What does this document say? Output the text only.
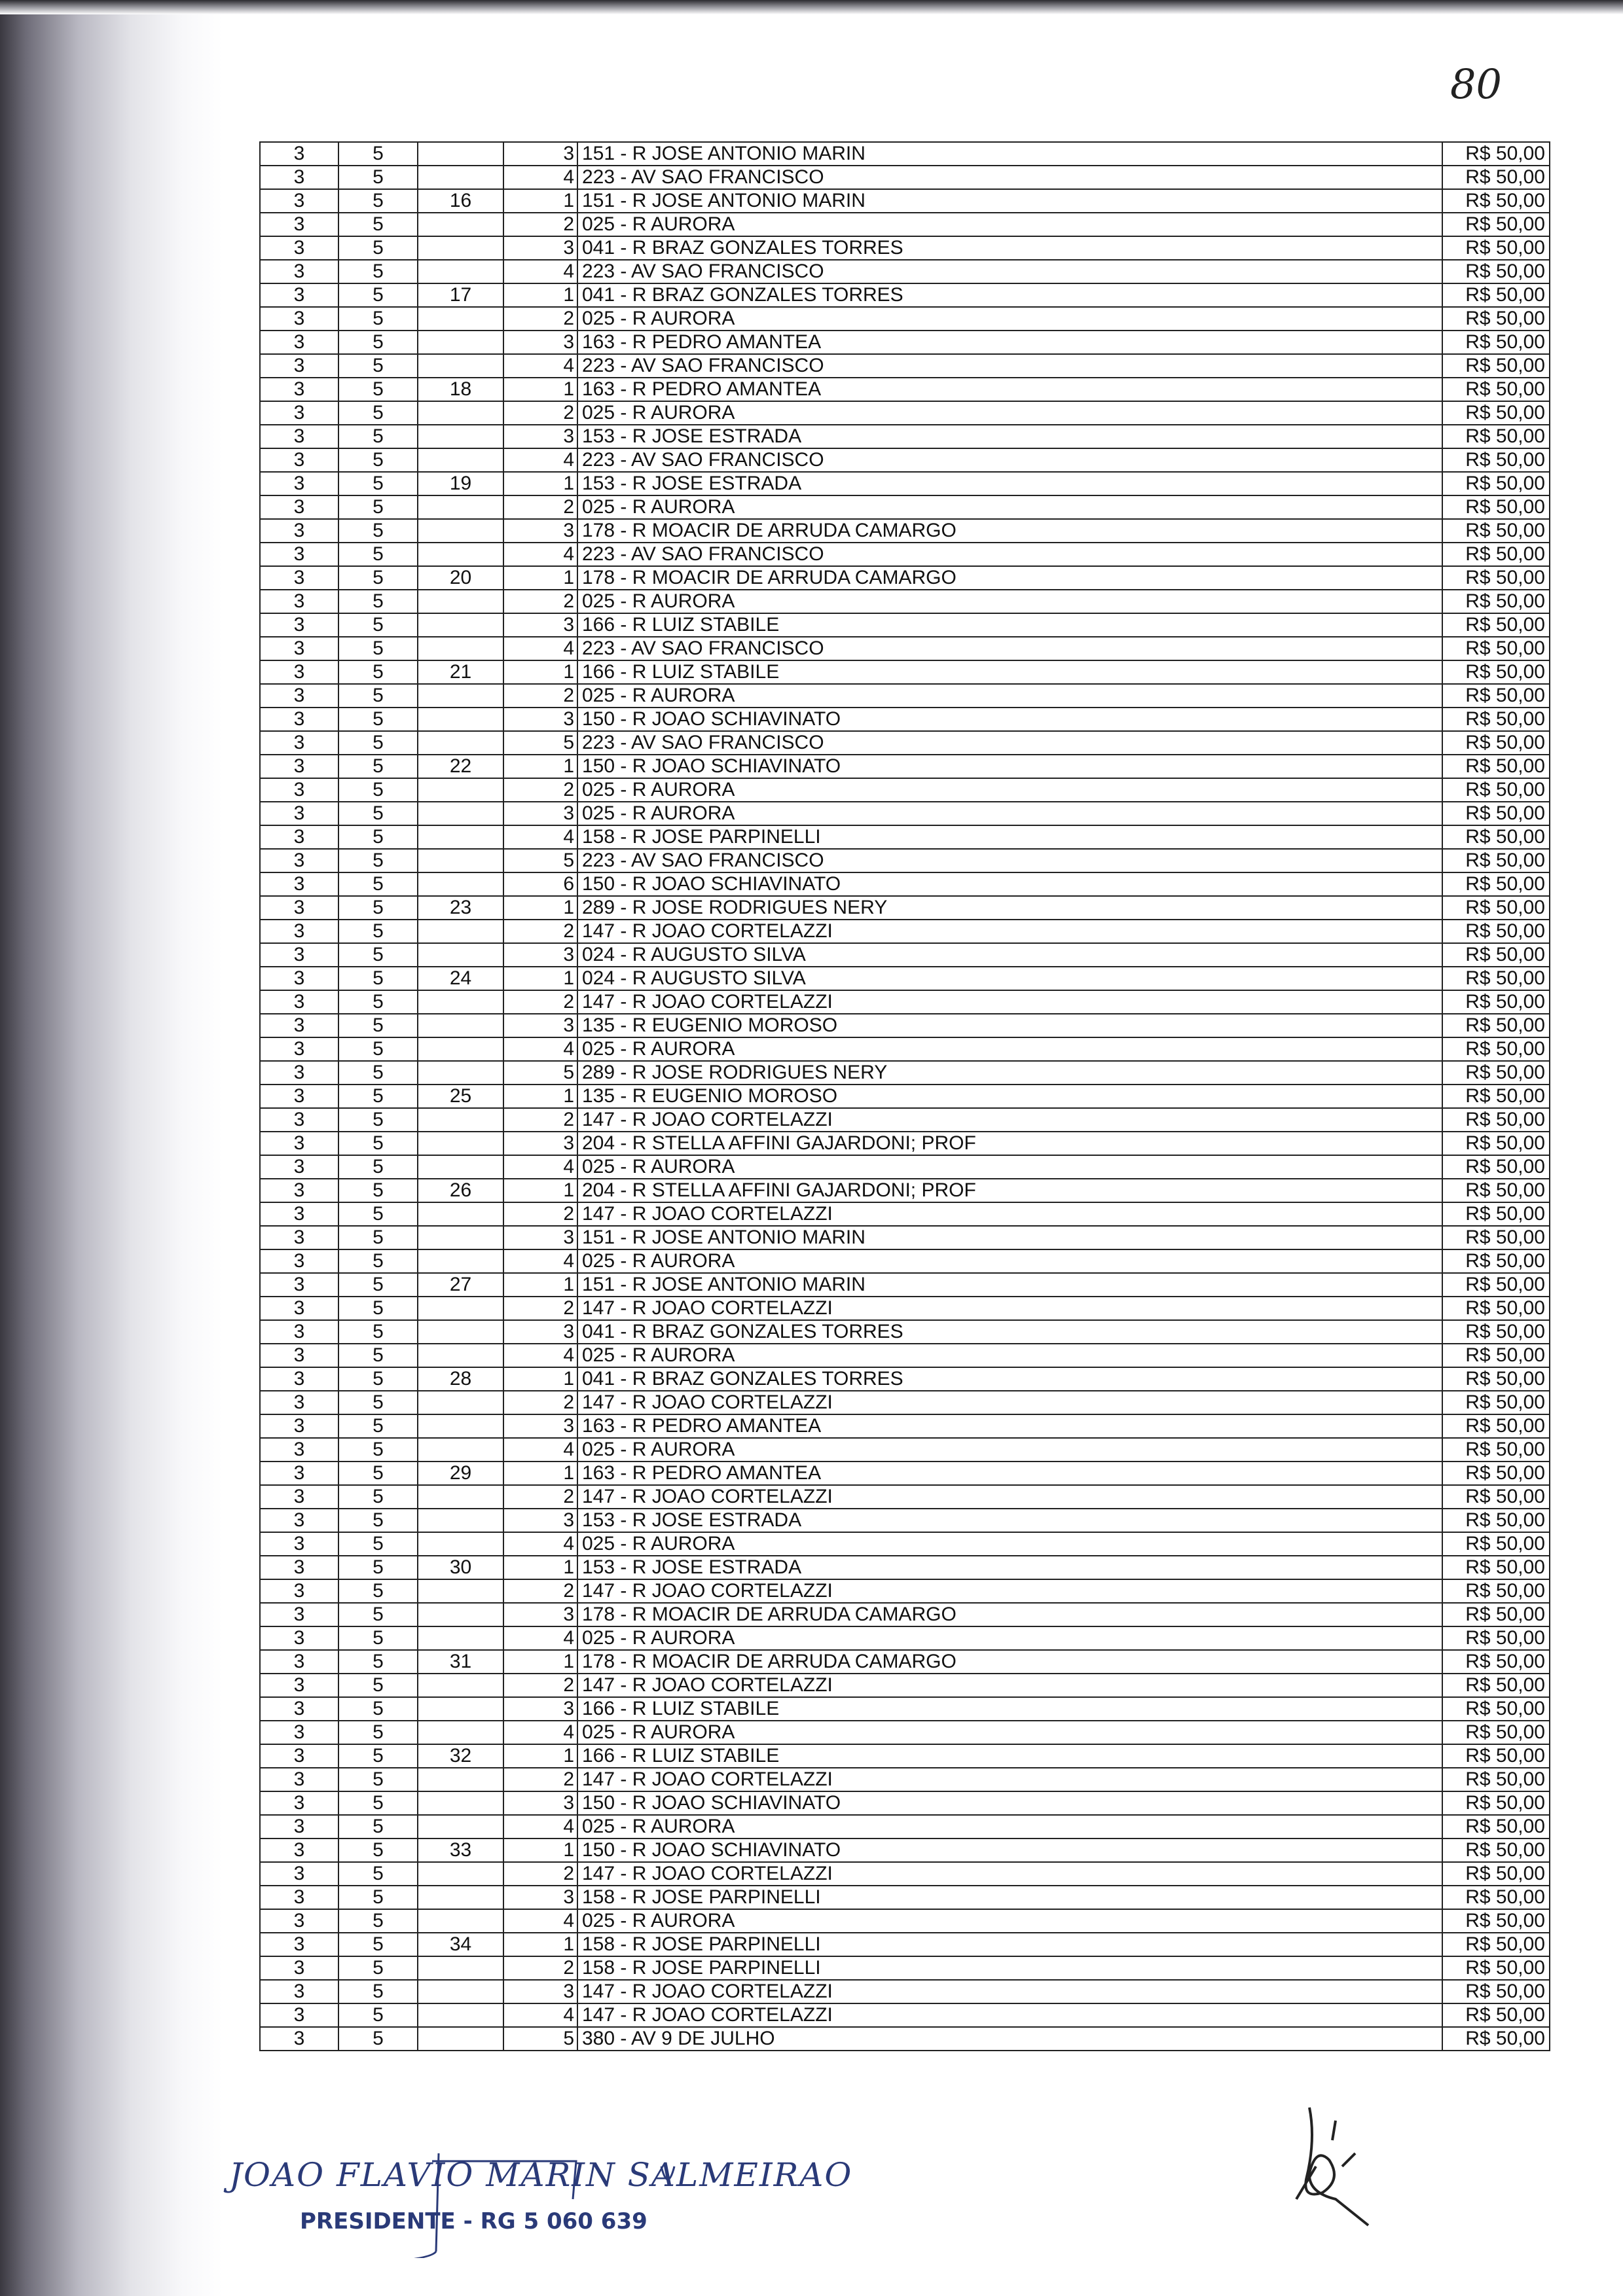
80
3	5		3	151 - R JOSE ANTONIO MARIN	R$ 50,00
3	5		4	223 - AV SAO FRANCISCO	R$ 50,00
3	5	16	1	151 - R JOSE ANTONIO MARIN	R$ 50,00
3	5		2	025 - R AURORA	R$ 50,00
3	5		3	041 - R BRAZ GONZALES TORRES	R$ 50,00
3	5		4	223 - AV SAO FRANCISCO	R$ 50,00
3	5	17	1	041 - R BRAZ GONZALES TORRES	R$ 50,00
3	5		2	025 - R AURORA	R$ 50,00
3	5		3	163 - R PEDRO AMANTEA	R$ 50,00
3	5		4	223 - AV SAO FRANCISCO	R$ 50,00
3	5	18	1	163 - R PEDRO AMANTEA	R$ 50,00
3	5		2	025 - R AURORA	R$ 50,00
3	5		3	153 - R JOSE ESTRADA	R$ 50,00
3	5		4	223 - AV SAO FRANCISCO	R$ 50,00
3	5	19	1	153 - R JOSE ESTRADA	R$ 50,00
3	5		2	025 - R AURORA	R$ 50,00
3	5		3	178 - R MOACIR DE ARRUDA CAMARGO	R$ 50,00
3	5		4	223 - AV SAO FRANCISCO	R$ 50,00
3	5	20	1	178 - R MOACIR DE ARRUDA CAMARGO	R$ 50,00
3	5		2	025 - R AURORA	R$ 50,00
3	5		3	166 - R LUIZ STABILE	R$ 50,00
3	5		4	223 - AV SAO FRANCISCO	R$ 50,00
3	5	21	1	166 - R LUIZ STABILE	R$ 50,00
3	5		2	025 - R AURORA	R$ 50,00
3	5		3	150 - R JOAO SCHIAVINATO	R$ 50,00
3	5		5	223 - AV SAO FRANCISCO	R$ 50,00
3	5	22	1	150 - R JOAO SCHIAVINATO	R$ 50,00
3	5		2	025 - R AURORA	R$ 50,00
3	5		3	025 - R AURORA	R$ 50,00
3	5		4	158 - R JOSE PARPINELLI	R$ 50,00
3	5		5	223 - AV SAO FRANCISCO	R$ 50,00
3	5		6	150 - R JOAO SCHIAVINATO	R$ 50,00
3	5	23	1	289 - R JOSE RODRIGUES NERY	R$ 50,00
3	5		2	147 - R JOAO CORTELAZZI	R$ 50,00
3	5		3	024 - R AUGUSTO SILVA	R$ 50,00
3	5	24	1	024 - R AUGUSTO SILVA	R$ 50,00
3	5		2	147 - R JOAO CORTELAZZI	R$ 50,00
3	5		3	135 - R EUGENIO MOROSO	R$ 50,00
3	5		4	025 - R AURORA	R$ 50,00
3	5		5	289 - R JOSE RODRIGUES NERY	R$ 50,00
3	5	25	1	135 - R EUGENIO MOROSO	R$ 50,00
3	5		2	147 - R JOAO CORTELAZZI	R$ 50,00
3	5		3	204 - R STELLA AFFINI GAJARDONI; PROF	R$ 50,00
3	5		4	025 - R AURORA	R$ 50,00
3	5	26	1	204 - R STELLA AFFINI GAJARDONI; PROF	R$ 50,00
3	5		2	147 - R JOAO CORTELAZZI	R$ 50,00
3	5		3	151 - R JOSE ANTONIO MARIN	R$ 50,00
3	5		4	025 - R AURORA	R$ 50,00
3	5	27	1	151 - R JOSE ANTONIO MARIN	R$ 50,00
3	5		2	147 - R JOAO CORTELAZZI	R$ 50,00
3	5		3	041 - R BRAZ GONZALES TORRES	R$ 50,00
3	5		4	025 - R AURORA	R$ 50,00
3	5	28	1	041 - R BRAZ GONZALES TORRES	R$ 50,00
3	5		2	147 - R JOAO CORTELAZZI	R$ 50,00
3	5		3	163 - R PEDRO AMANTEA	R$ 50,00
3	5		4	025 - R AURORA	R$ 50,00
3	5	29	1	163 - R PEDRO AMANTEA	R$ 50,00
3	5		2	147 - R JOAO CORTELAZZI	R$ 50,00
3	5		3	153 - R JOSE ESTRADA	R$ 50,00
3	5		4	025 - R AURORA	R$ 50,00
3	5	30	1	153 - R JOSE ESTRADA	R$ 50,00
3	5		2	147 - R JOAO CORTELAZZI	R$ 50,00
3	5		3	178 - R MOACIR DE ARRUDA CAMARGO	R$ 50,00
3	5		4	025 - R AURORA	R$ 50,00
3	5	31	1	178 - R MOACIR DE ARRUDA CAMARGO	R$ 50,00
3	5		2	147 - R JOAO CORTELAZZI	R$ 50,00
3	5		3	166 - R LUIZ STABILE	R$ 50,00
3	5		4	025 - R AURORA	R$ 50,00
3	5	32	1	166 - R LUIZ STABILE	R$ 50,00
3	5		2	147 - R JOAO CORTELAZZI	R$ 50,00
3	5		3	150 - R JOAO SCHIAVINATO	R$ 50,00
3	5		4	025 - R AURORA	R$ 50,00
3	5	33	1	150 - R JOAO SCHIAVINATO	R$ 50,00
3	5		2	147 - R JOAO CORTELAZZI	R$ 50,00
3	5		3	158 - R JOSE PARPINELLI	R$ 50,00
3	5		4	025 - R AURORA	R$ 50,00
3	5	34	1	158 - R JOSE PARPINELLI	R$ 50,00
3	5		2	158 - R JOSE PARPINELLI	R$ 50,00
3	5		3	147 - R JOAO CORTELAZZI	R$ 50,00
3	5		4	147 - R JOAO CORTELAZZI	R$ 50,00
3	5		5	380 - AV 9 DE JULHO	R$ 50,00
JOAO FLAVIO MARIN SALMEIRAO
PRESIDENTE - RG 5 060 639
